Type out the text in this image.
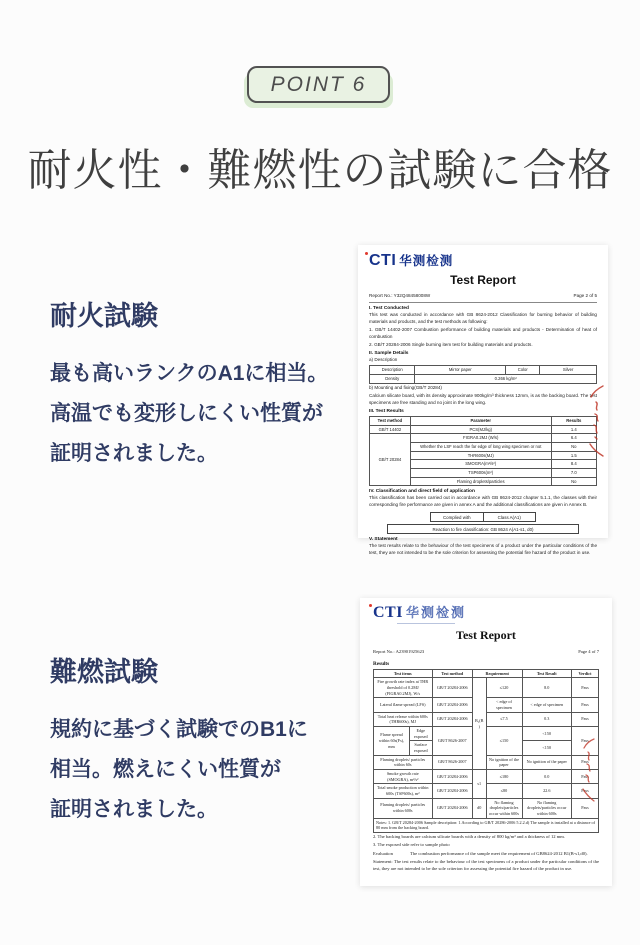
POINT 6
耐火性・難燃性の試験に合格
耐火試験
最も高いランクのA1に相当。
高温でも変形しにくい性質が
証明されました。
CTI 华测检测
Test Report
Report No.: Y32Q48458008W	Page 2 of 5
I. Test Conducted

This test was conducted in accordance with GB 8624-2012 Classification for burning behavior of building materials and products, and the test methods as following:

1. GB/T 14402-2007 Combustion performance of building materials and products - Determination of heat of combustion

2. GB/T 20284-2006 Single burning item test for building materials and products.

II. Sample Details

a) Description

Description	Mirror paper	Color	Silver
Density	0.266 kg/m²		

b) Mounting and fixing(GB/T 20284)

Calcium silicate board, with its density approximate 900kg/m³ thickness 12mm, is as the backing board. The test specimens are free standing and no joint in the long wing.

III. Test Results
Test method	Parameter	Results
GB/T 14402	PCS(MJ/kg)	1.4
GB/T 20284	FIGRA0.2MJ (W/s)	6.4
	Whether the LSF reach the far edge of long wing specimen or not	No
	THR600s(MJ)	1.5
	SMOGRA(m²/s²)	8.4
	TSP600s(m²)	7.0
	Flaming droplets/particles	No
IV. Classification and direct field of application

This classification has been carried out in accordance with GB 8624-2012 chapter 5.1.1, the classes with their corresponding fire performance are given in annex A and the additional classifications are given in Annex B.

Complied with	Class A(A1)
Reaction to fire classification: GB 8624 A(A1-s1, d0)
V. Statement

The test results relate to the behaviour of the test specimens of a product under the particular conditions of the test, they are not intended to be the sole criterion for assessing the potential fire hazard of the product in use.

難燃試験
規約に基づく試験でのB1に
相当。燃えにくい性質が
証明されました。
CTI 华测检测
Test Report
Report No.: A23901925623	Page 4 of 7
Results
Test items		Test method	Requirement		Test Result	Verdict
Fire growth rate index at THR threshold of 0.2MJ (FIGRA0.2MJ), W/s		GB/T 20284-2006	B₁(B)	≤120	8.0	Pass
Lateral flame spread (LFS)		GB/T 20284-2006		< edge of specimen	< edge of specimen	Pass
Total heat release within 600s (THR600s), MJ		GB/T 20284-2006		≤7.5	0.3	Pass
Flame spread within 60s(Fs), mm	Edge exposed	GB/T 8626-2007		≤150	<150	Pass
	Surface exposed				<150	
Flaming droplets/ particles within 60s		GB/T 8626-2007		No ignition of the paper	No ignition of the paper	Pass
Smoke growth rate (SMOGRA), m²/s²		GB/T 20284-2006	s1	≤180	0.0	Pass
Total smoke production within 600s (TSP600s), m²		GB/T 20284-2006		≤80	22.6	Pass
Flaming droplets/ particles within 600s		GB/T 20284-2006	d0	No flaming droplets/particles occur within 600s	No flaming droplets/particles occur within 600s	Pass
Notes: 1. GB/T 20284-2006 Sample description: 1.According to GB/T 20286-2006 5.2.2.d) The sample is installed at a distance of 80 mm from the backing board.						

2. The backing boards are calcium silicate boards with a density of 800 kg/m³ and a thickness of 12 mm.

3. The exposed side refer to sample photo

Evaluation	The combustion performance of the sample meet the requirement of GB8624-2012 B1(B-s1,d0).

Statement: The test results relate to the behaviour of the test specimens of a product under the particular conditions of the test, they are not intended to be the sole criterion for assessing the potential fire hazard of the product in use.
